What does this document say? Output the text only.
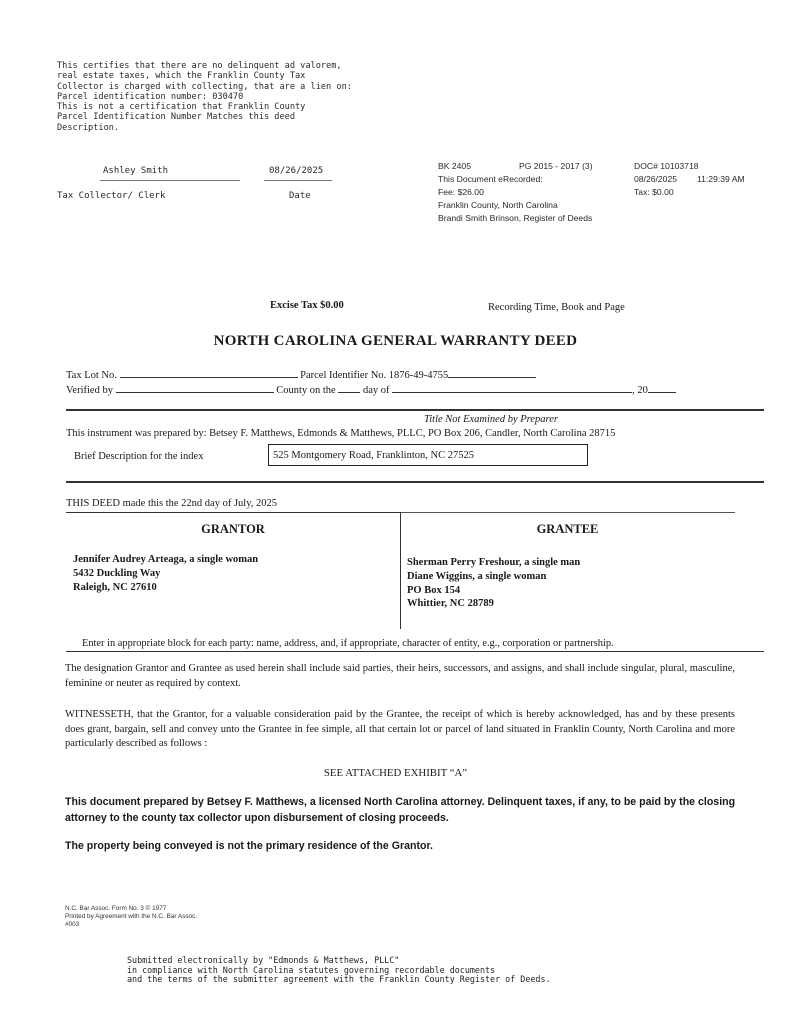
This certifies that there are no delinquent ad valorem,
real estate taxes, which the Franklin County Tax
Collector is charged with collecting, that are a lien on:
Parcel identification number: 030470
This is not a certification that Franklin County
Parcel Identification Number Matches this deed
Description.
Ashley Smith
Tax Collector/ Clerk
08/26/2025
Date
BK 2405	PG 2015 - 2017 (3)	DOC# 10103718
This Document eRecorded:	08/26/2025 11:29:39 AM
Fee: $26.00	Tax: $0.00
Franklin County, North Carolina
Brandi Smith Brinson, Register of Deeds
Excise Tax $0.00	Recording Time, Book and Page
NORTH CAROLINA GENERAL WARRANTY DEED
Tax Lot No.	Parcel Identifier No. 1876-49-4755
Verified by	County on the	day of	, 20
Title Not Examined by Preparer
This instrument was prepared by: Betsey F. Matthews, Edmonds & Matthews, PLLC, PO Box 206, Candler, North Carolina 28715
Brief Description for the index	525 Montgomery Road, Franklinton, NC 27525
THIS DEED made this the 22nd day of July, 2025
GRANTOR
Jennifer Audrey Arteaga, a single woman
5432 Duckling Way
Raleigh, NC 27610
GRANTEE
Sherman Perry Freshour, a single man
Diane Wiggins, a single woman
PO Box 154
Whittier, NC 28789
Enter in appropriate block for each party: name, address, and, if appropriate, character of entity, e.g., corporation or partnership.
The designation Grantor and Grantee as used herein shall include said parties, their heirs, successors, and assigns, and shall include singular, plural, masculine, feminine or neuter as required by context.
WITNESSETH, that the Grantor, for a valuable consideration paid by the Grantee, the receipt of which is hereby acknowledged, has and by these presents does grant, bargain, sell and convey unto the Grantee in fee simple, all that certain lot or parcel of land situated in Franklin County, North Carolina and more particularly described as follows :
SEE ATTACHED EXHIBIT “A”
This document prepared by Betsey F. Matthews, a licensed North Carolina attorney. Delinquent taxes, if any, to be paid by the closing attorney to the county tax collector upon disbursement of closing proceeds.
The property being conveyed is not the primary residence of the Grantor.
N.C. Bar Assoc. Form No. 3 © 1977
Printed by Agreement with the N.C. Bar Assoc.
#003
Submitted electronically by "Edmonds & Matthews, PLLC"
in compliance with North Carolina statutes governing recordable documents
and the terms of the submitter agreement with the Franklin County Register of Deeds.
